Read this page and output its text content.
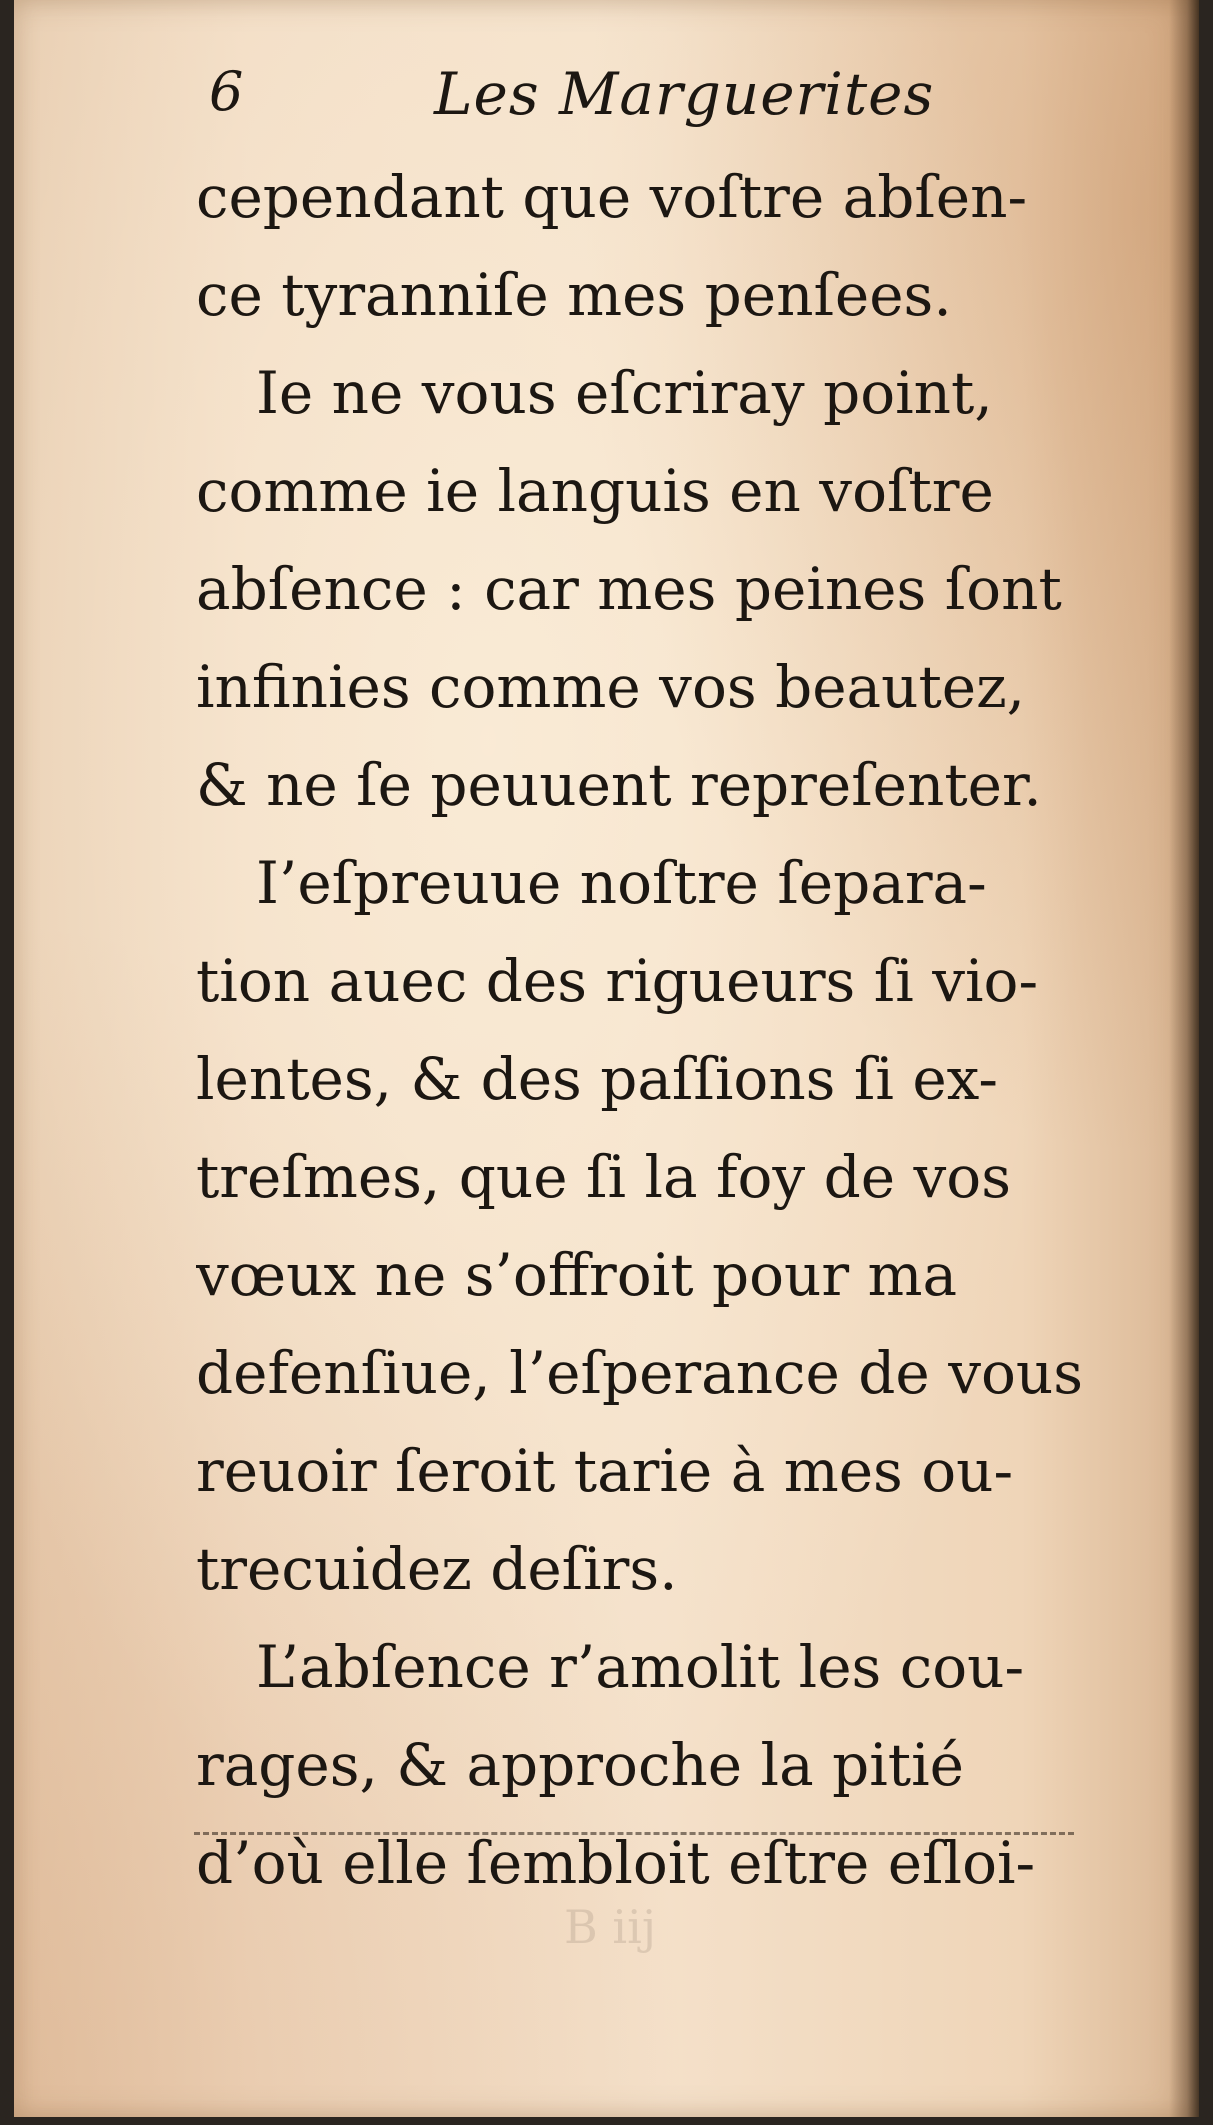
6	Les Marguerites
cependant que voſtre abſen-
ce tyranniſe mes penſees.
Ie ne vous eſcriray point,
comme ie languis en voſtre
abſence : car mes peines ſont
infinies comme vos beautez,
& ne ſe peuuent repreſenter.
I’eſpreuue noſtre ſepara-
tion auec des rigueurs ſi vio-
lentes, & des paſſions ſi ex-
treſmes, que ſi la foy de vos
vœux ne s’offroit pour ma
defenſiue, l’eſperance de vous
reuoir ſeroit tarie à mes ou-
trecuidez deſirs.
L’abſence r’amolit les cou-
rages, & approche la pitié
d’où elle ſembloit eſtre eſloi-
B iij
